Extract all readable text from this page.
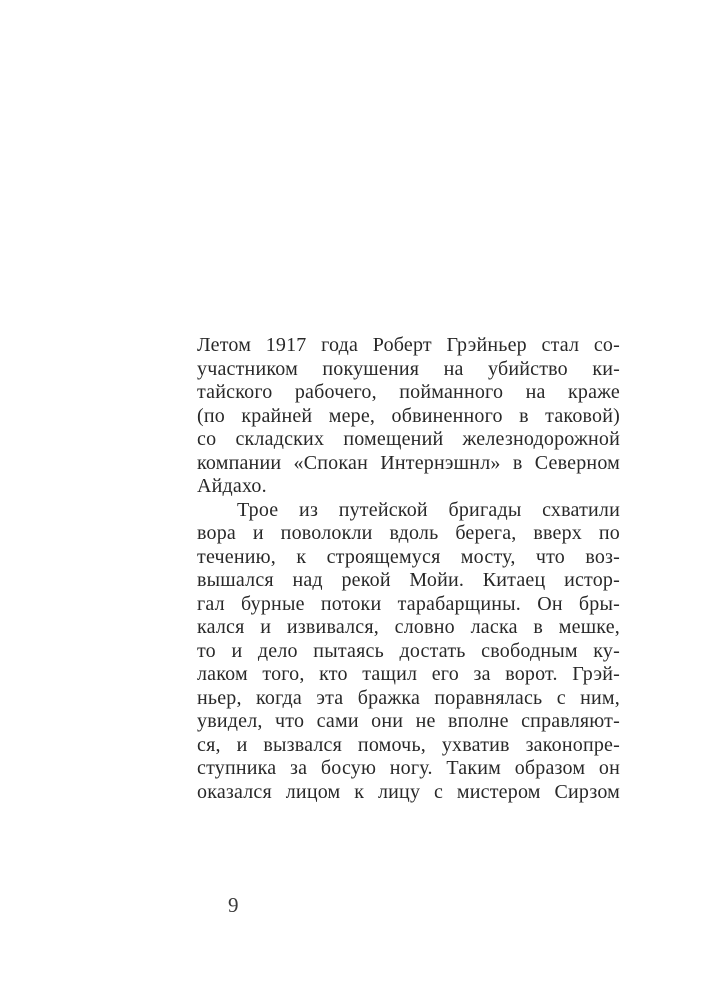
Летом 1917 года Роберт Грэйньер стал со-
участником покушения на убийство ки-
тайского рабочего, пойманного на краже
(по крайней мере, обвиненного в таковой)
со складских помещений железнодорожной
компании «Спокан Интернэшнл» в Северном
Айдахо.
Трое из путейской бригады схватили
вора и поволокли вдоль берега, вверх по
течению, к строящемуся мосту, что воз-
вышался над рекой Мойи. Китаец истор-
гал бурные потоки тарабарщины. Он бры-
кался и извивался, словно ласка в мешке,
то и дело пытаясь достать свободным ку-
лаком того, кто тащил его за ворот. Грэй-
ньер, когда эта бражка поравнялась с ним,
увидел, что сами они не вполне справляют-
ся, и вызвался помочь, ухватив законопре-
ступника за босую ногу. Таким образом он
оказался лицом к лицу с мистером Сирзом
9
